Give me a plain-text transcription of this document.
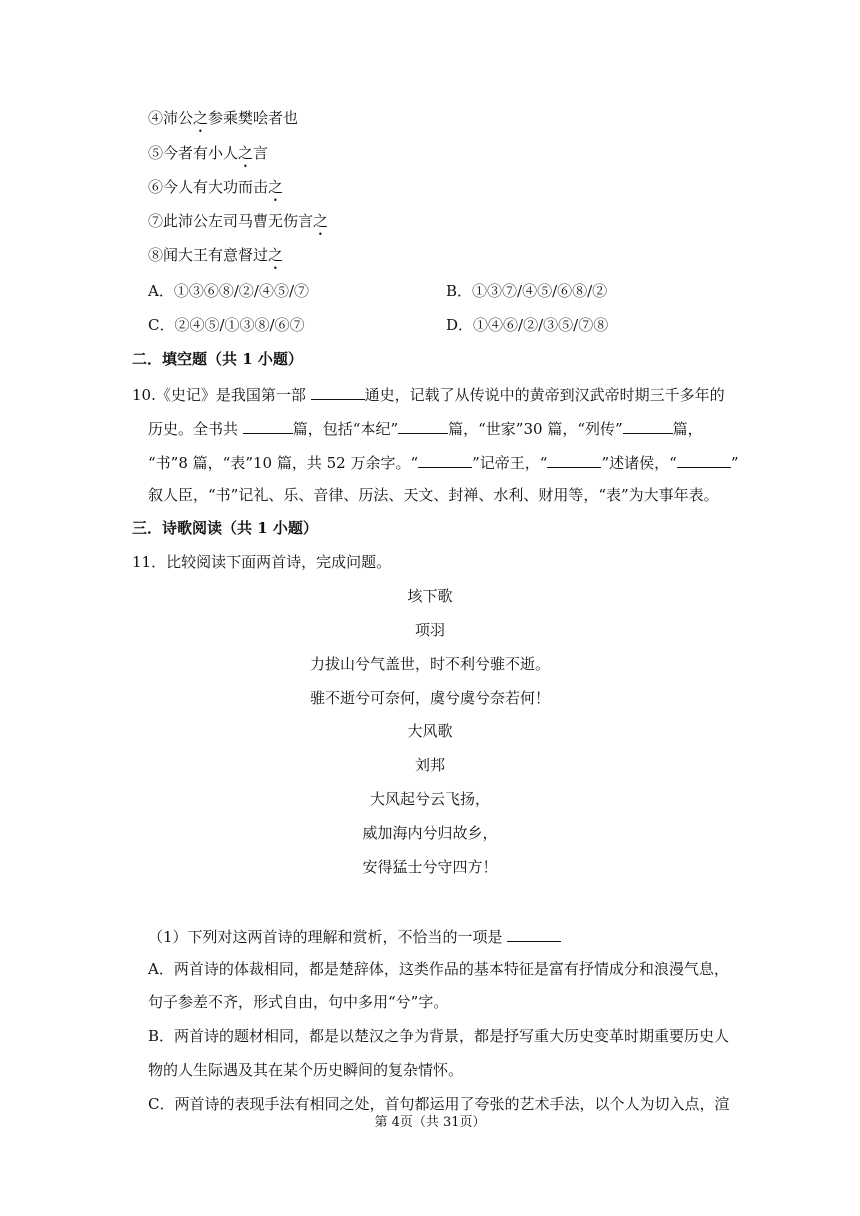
④沛公之参乘樊哙者也
⑤今者有小人之言
⑥今人有大功而击之
⑦此沛公左司马曹无伤言之
⑧闻大王有意督过之
A．①③⑥⑧/②/④⑤/⑦	B．①③⑦/④⑤/⑥⑧/②
C．②④⑤/①③⑧/⑥⑦	D．①④⑥/②/③⑤/⑦⑧
二．填空题（共 1 小题）
10.《史记》是我国第一部	通史，记载了从传说中的黄帝到汉武帝时期三千多年的
历史。全书共	篇，包括“本纪”	篇，“世家”30 篇，“列传”	篇，
“书”8 篇，“表”10 篇，共 52 万余字。“	”记帝王，“	”述诸侯，“	”
叙人臣，“书”记礼、乐、音律、历法、天文、封禅、水利、财用等，“表”为大事年表。
三．诗歌阅读（共 1 小题）
11．比较阅读下面两首诗，完成问题。
垓下歌
项羽
力拔山兮气盖世，时不利兮骓不逝。
骓不逝兮可奈何，虞兮虞兮奈若何！
大风歌
刘邦
大风起兮云飞扬，
威加海内兮归故乡，
安得猛士兮守四方！
（1）下列对这两首诗的理解和赏析，不恰当的一项是
A．两首诗的体裁相同，都是楚辞体，这类作品的基本特征是富有抒情成分和浪漫气息，
句子参差不齐，形式自由，句中多用“兮”字。
B．两首诗的题材相同，都是以楚汉之争为背景，都是抒写重大历史变革时期重要历史人
物的人生际遇及其在某个历史瞬间的复杂情怀。
C．两首诗的表现手法有相同之处，首句都运用了夸张的艺术手法，以个人为切入点，渲
第 4页（共 31页）
